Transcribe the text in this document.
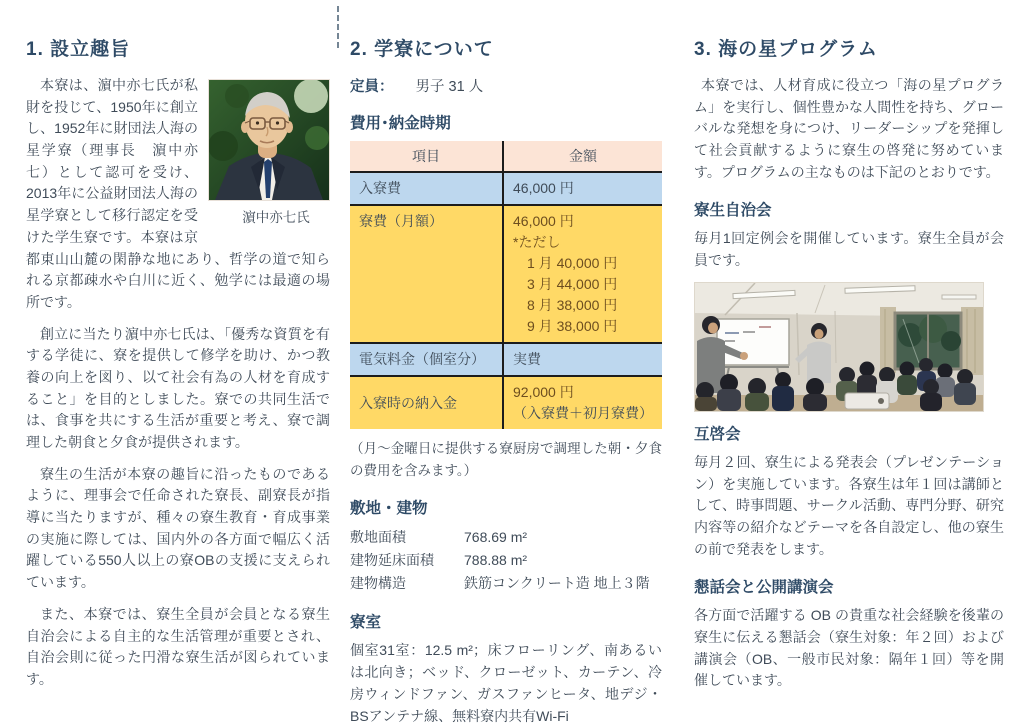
1. 設立趣旨

濵中亦七氏
本寮は、濵中亦七氏が私財を投じて、1950年に創立し、1952年に財団法人海の星学寮（理事長　濵中亦七）として認可を受け、2013年に公益財団法人海の星学寮として移行認定を受けた学生寮です。本寮は京都東山山麓の閑静な地にあり、哲学の道で知られる京都疎水や白川に近く、勉学には最適の場所です。

創立に当たり濵中亦七氏は、「優秀な資質を有する学徒に、寮を提供して修学を助け、かつ教養の向上を図り、以て社会有為の人材を育成すること」を目的としました。寮での共同生活では、食事を共にする生活が重要と考え、寮で調理した朝食と夕食が提供されます。

寮生の生活が本寮の趣旨に沿ったものであるように、理事会で任命された寮長、副寮長が指導に当たりますが、種々の寮生教育・育成事業の実施に際しては、国内外の各方面で幅広く活躍している550人以上の寮OBの支援に支えられています。

また、本寮では、寮生全員が会員となる寮生自治会による自主的な生活管理が重要とされ、自治会則に従った円滑な寮生活が図られています。

2. 学寮について

定員： 男子 31 人

費用･納金時期
項目	金額
入寮費	46,000 円
寮費（月額）	46,000 円
*ただし
1 月 40,000 円
3 月 44,000 円
8 月 38,000 円
9 月 38,000 円

電気料金（個室分）	実費
入寮時の納入金	92,000 円
（入寮費＋初月寮費）

（月～金曜日に提供する寮厨房で調理した朝・夕食の費用を含みます。）

敷地・建物
敷地面積	768.69 m²
建物延床面積	788.88 m²
建物構造	鉄筋コンクリート造 地上３階
寮室

個室31室：12.5 m²；床フローリング、南あるいは北向き；ベッド、クローゼット、カーテン、冷房ウィンドファン、ガスファンヒータ、地デジ・BSアンテナ線、無料寮内共有Wi-Fi

3. 海の星プログラム

本寮では、人材育成に役立つ「海の星プログラム」を実行し、個性豊かな人間性を持ち、グローバルな発想を身につけ、リーダーシップを発揮して社会貢献するように寮生の啓発に努めています。プログラムの主なものは下記のとおりです。

寮生自治会

毎月1回定例会を開催しています。寮生全員が会員です。

互啓会

毎月２回、寮生による発表会（プレゼンテーション）を実施しています。各寮生は年１回は講師として、時事問題、サークル活動、専門分野、研究内容等の紹介などテーマを各自設定し、他の寮生の前で発表をします。

懇話会と公開講演会

各方面で活躍する OB の貴重な社会経験を後輩の寮生に伝える懇話会（寮生対象：年２回）および講演会（OB、一般市民対象：隔年１回）等を開催しています。
